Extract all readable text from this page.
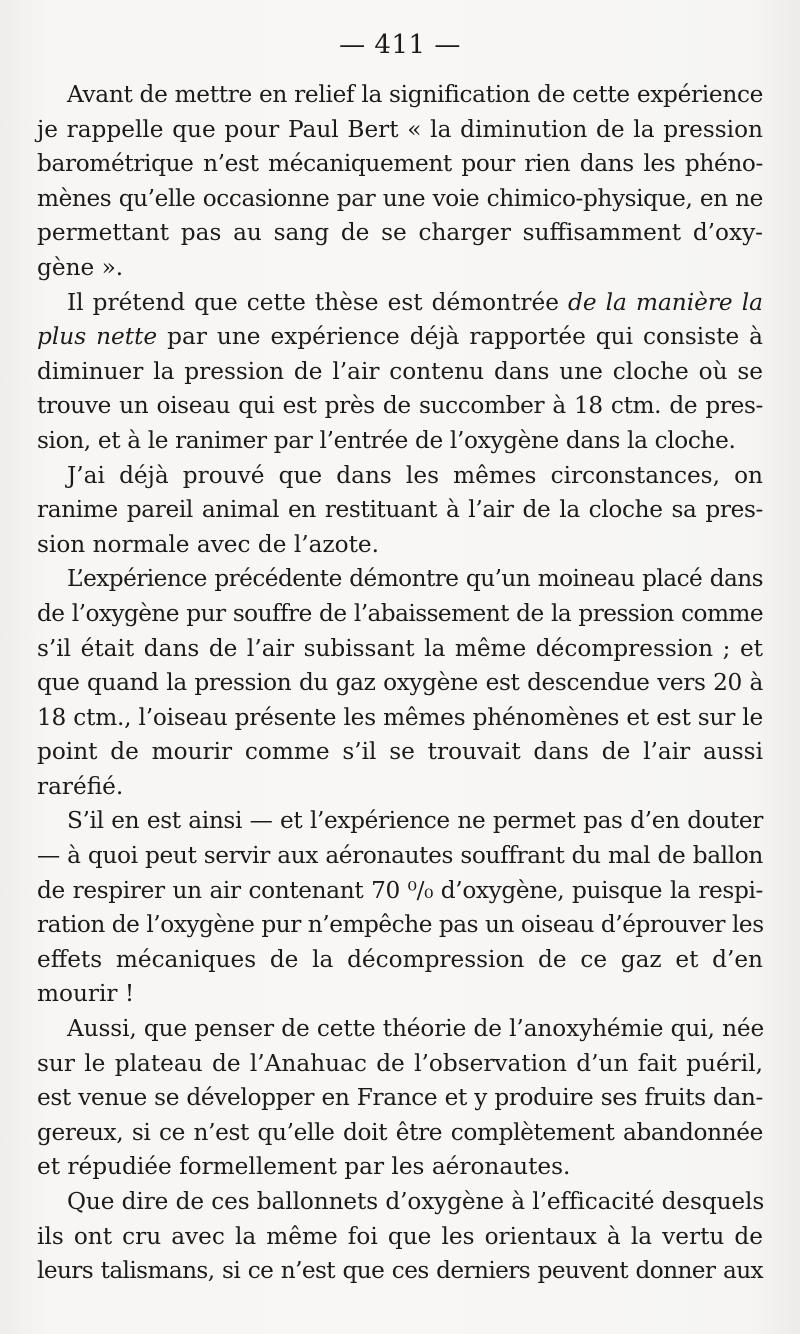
— 411 —
Avant de mettre en relief la signification de cette expérience
je rappelle que pour Paul Bert « la diminution de la pression
barométrique n’est mécaniquement pour rien dans les phéno-
mènes qu’elle occasionne par une voie chimico-physique, en ne
permettant pas au sang de se charger suffisamment d’oxy-
gène ».
Il prétend que cette thèse est démontrée de la manière la
plus nette par une expérience déjà rapportée qui consiste à
diminuer la pression de l’air contenu dans une cloche où se
trouve un oiseau qui est près de succomber à 18 ctm. de pres-
sion, et à le ranimer par l’entrée de l’oxygène dans la cloche.
J’ai déjà prouvé que dans les mêmes circonstances, on
ranime pareil animal en restituant à l’air de la cloche sa pres-
sion normale avec de l’azote.
L’expérience précédente démontre qu’un moineau placé dans
de l’oxygène pur souffre de l’abaissement de la pression comme
s’il était dans de l’air subissant la même décompression ; et
que quand la pression du gaz oxygène est descendue vers 20 à
18 ctm., l’oiseau présente les mêmes phénomènes et est sur le
point de mourir comme s’il se trouvait dans de l’air aussi
raréfié.
S’il en est ainsi — et l’expérience ne permet pas d’en douter
— à quoi peut servir aux aéronautes souffrant du mal de ballon
de respirer un air contenant 70 ⁰/₀ d’oxygène, puisque la respi-
ration de l’oxygène pur n’empêche pas un oiseau d’éprouver les
effets mécaniques de la décompression de ce gaz et d’en
mourir !
Aussi, que penser de cette théorie de l’anoxyhémie qui, née
sur le plateau de l’Anahuac de l’observation d’un fait puéril,
est venue se développer en France et y produire ses fruits dan-
gereux, si ce n’est qu’elle doit être complètement abandonnée
et répudiée formellement par les aéronautes.
Que dire de ces ballonnets d’oxygène à l’efficacité desquels
ils ont cru avec la même foi que les orientaux à la vertu de
leurs talismans, si ce n’est que ces derniers peuvent donner aux
